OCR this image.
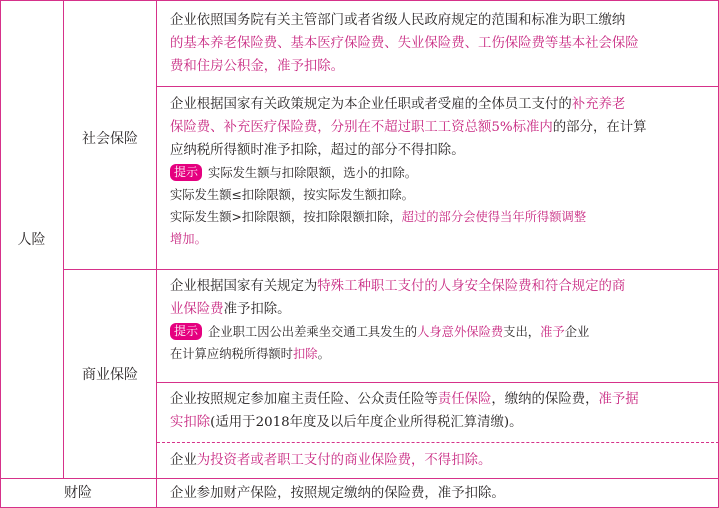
人险
社会保险
商业保险
财险
企业依照国务院有关主管部门或者省级人民政府规定的范围和标准为职工缴纳
的基本养老保险费、基本医疗保险费、失业保险费、工伤保险费等基本社会保险
费和住房公积金，准予扣除。
企业根据国家有关政策规定为本企业任职或者受雇的全体员工支付的补充养老
保险费、补充医疗保险费，分别在不超过职工工资总额5%标准内的部分，在计算
应纳税所得额时准予扣除，超过的部分不得扣除。
提示 实际发生额与扣除限额，选小的扣除。
实际发生额≤扣除限额，按实际发生额扣除。
实际发生额>扣除限额，按扣除限额扣除，超过的部分会使得当年所得额调整
增加。
企业根据国家有关规定为特殊工种职工支付的人身安全保险费和符合规定的商
业保险费准予扣除。
提示 企业职工因公出差乘坐交通工具发生的人身意外保险费支出，准予企业
在计算应纳税所得额时扣除。
企业按照规定参加雇主责任险、公众责任险等责任保险，缴纳的保险费，准予据
实扣除(适用于2018年度及以后年度企业所得税汇算清缴)。
企业为投资者或者职工支付的商业保险费，不得扣除。
企业参加财产保险，按照规定缴纳的保险费，准予扣除。
